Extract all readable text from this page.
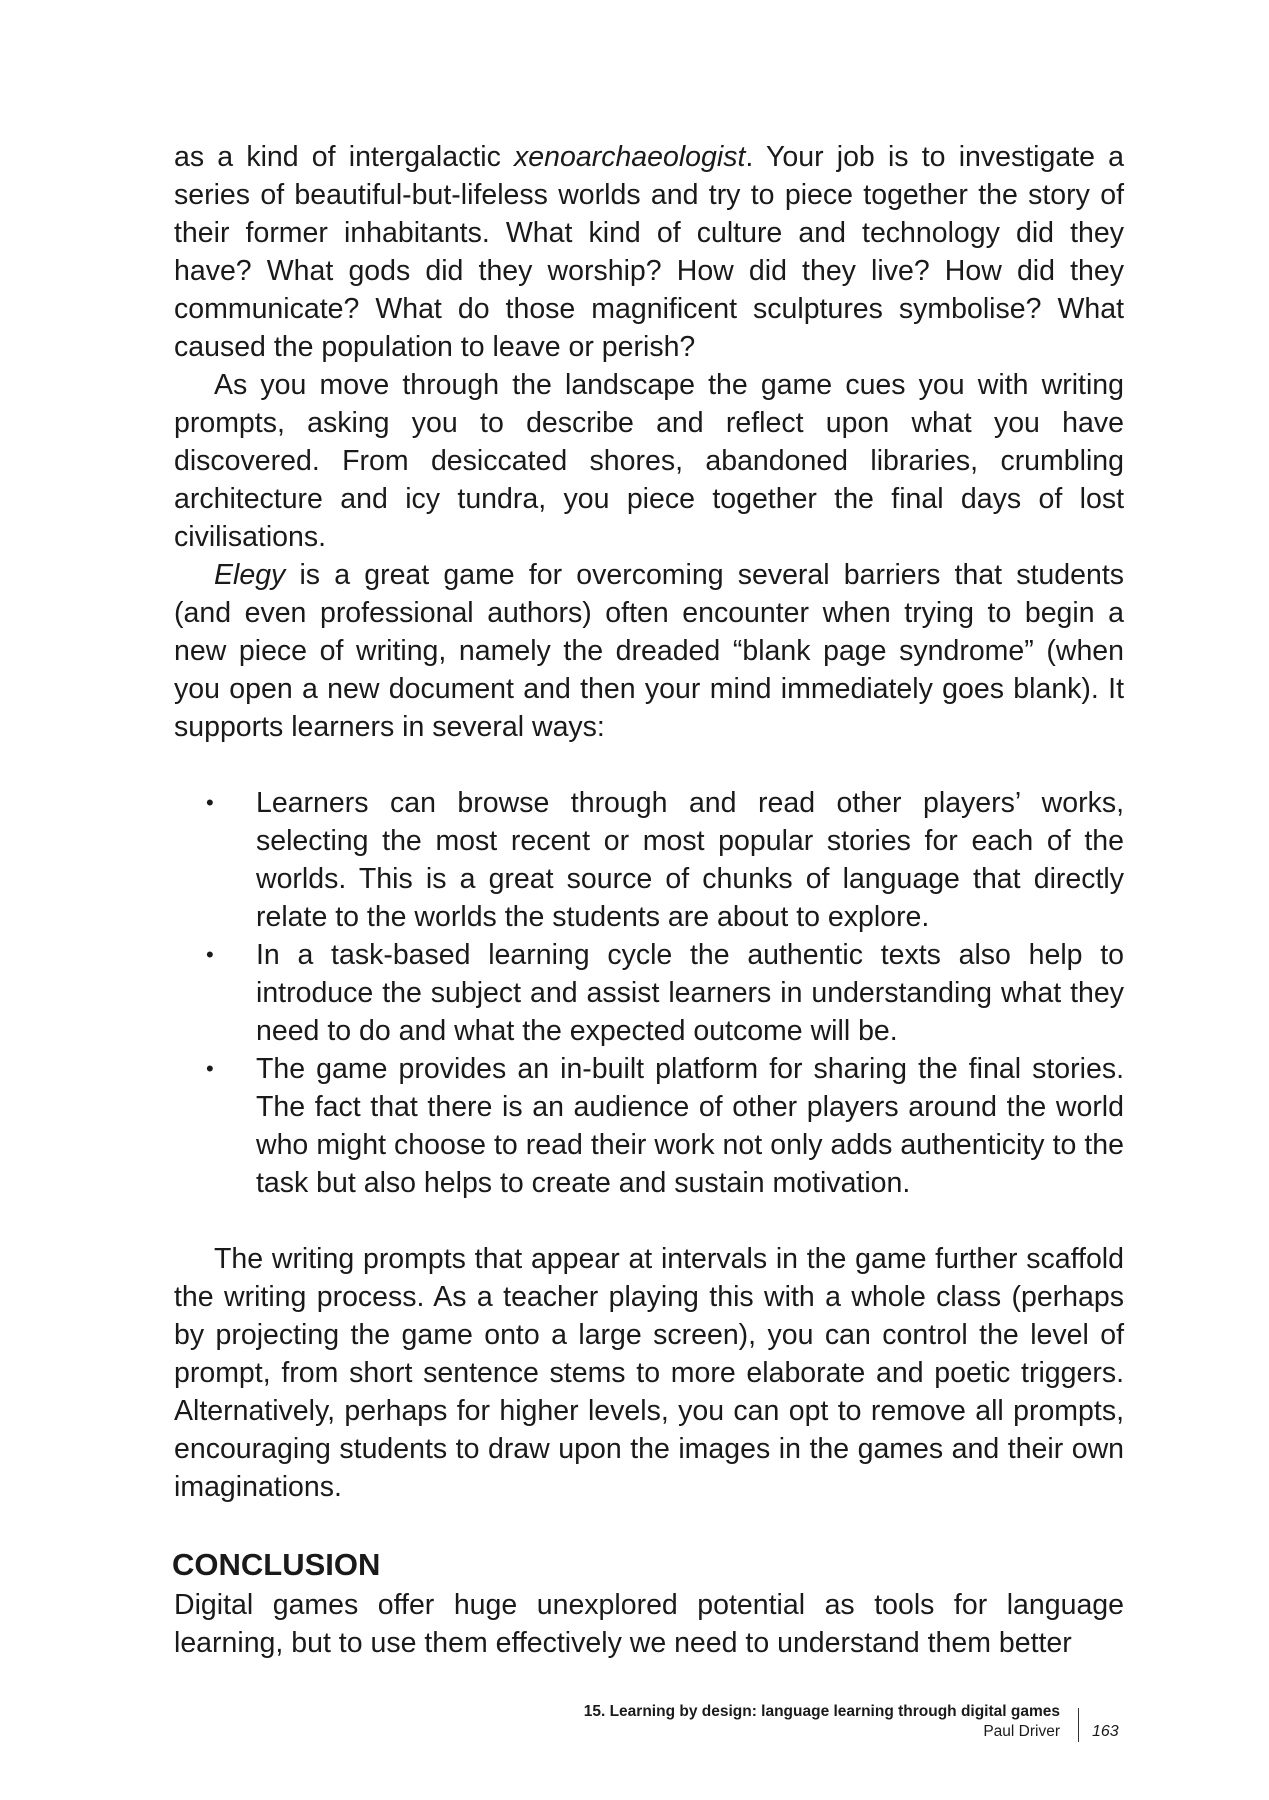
as a kind of intergalactic xenoarchaeologist. Your job is to investigate a series of beautiful-but-lifeless worlds and try to piece together the story of their former inhabitants. What kind of culture and technology did they have? What gods did they worship? How did they live? How did they communicate? What do those magnificent sculptures symbolise? What caused the population to leave or perish?

As you move through the landscape the game cues you with writing prompts, asking you to describe and reflect upon what you have discovered. From desiccated shores, abandoned libraries, crumbling architecture and icy tundra, you piece together the final days of lost civilisations.

Elegy is a great game for overcoming several barriers that students (and even professional authors) often encounter when trying to begin a new piece of writing, namely the dreaded “blank page syndrome” (when you open a new document and then your mind immediately goes blank). It supports learners in several ways:

• Learners can browse through and read other players’ works, selecting the most recent or most popular stories for each of the worlds. This is a great source of chunks of language that directly relate to the worlds the students are about to explore.
• In a task-based learning cycle the authentic texts also help to introduce the subject and assist learners in understanding what they need to do and what the expected outcome will be.
• The game provides an in-built platform for sharing the final stories. The fact that there is an audience of other players around the world who might choose to read their work not only adds authenticity to the task but also helps to create and sustain motivation.

The writing prompts that appear at intervals in the game further scaffold the writing process. As a teacher playing this with a whole class (perhaps by projecting the game onto a large screen), you can control the level of prompt, from short sentence stems to more elaborate and poetic triggers. Alternatively, perhaps for higher levels, you can opt to remove all prompts, encouraging students to draw upon the images in the games and their own imaginations.

CONCLUSION

Digital games offer huge unexplored potential as tools for language learning, but to use them effectively we need to understand them better

15. Learning by design: language learning through digital games
Paul Driver 163
